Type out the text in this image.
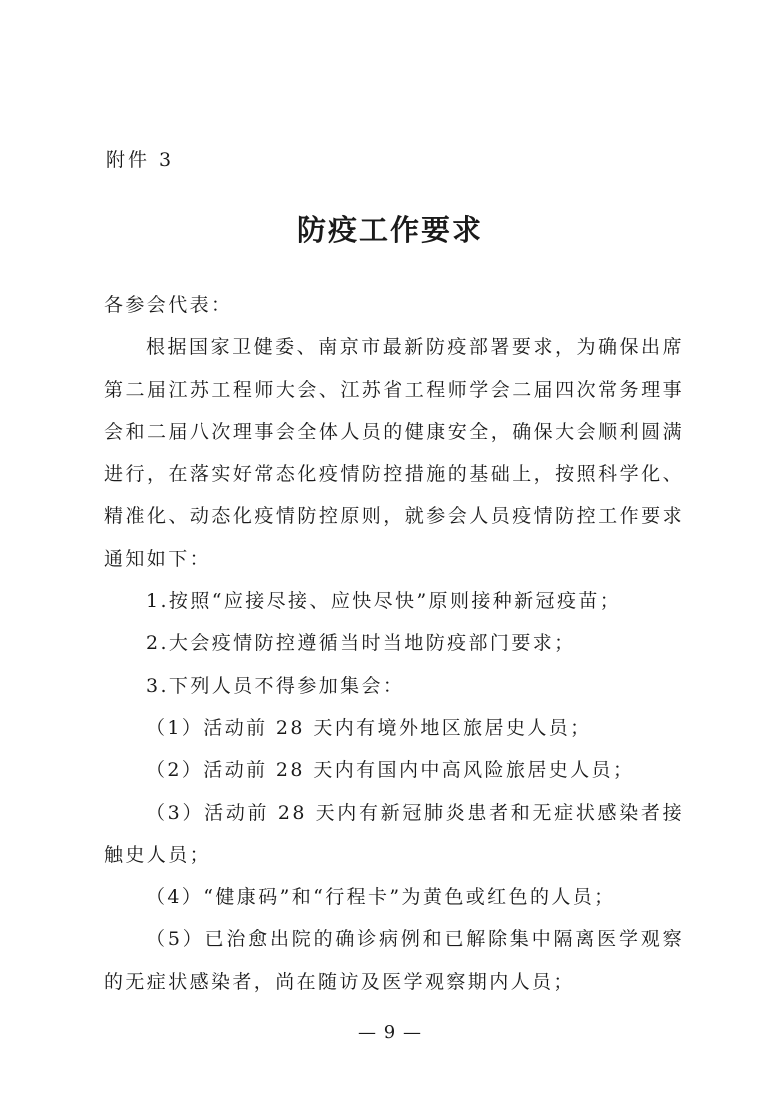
附件 3
防疫工作要求

各参会代表：

根据国家卫健委、南京市最新防疫部署要求，为确保出席第二届江苏工程师大会、江苏省工程师学会二届四次常务理事会和二届八次理事会全体人员的健康安全，确保大会顺利圆满进行，在落实好常态化疫情防控措施的基础上，按照科学化、精准化、动态化疫情防控原则，就参会人员疫情防控工作要求通知如下：

1.按照“应接尽接、应快尽快”原则接种新冠疫苗；

2.大会疫情防控遵循当时当地防疫部门要求；

3.下列人员不得参加集会：

（1）活动前 28 天内有境外地区旅居史人员；

（2）活动前 28 天内有国内中高风险旅居史人员；

（3）活动前 28 天内有新冠肺炎患者和无症状感染者接触史人员；

（4）“健康码”和“行程卡”为黄色或红色的人员；

（5）已治愈出院的确诊病例和已解除集中隔离医学观察的无症状感染者，尚在随访及医学观察期内人员；

— 9 —
